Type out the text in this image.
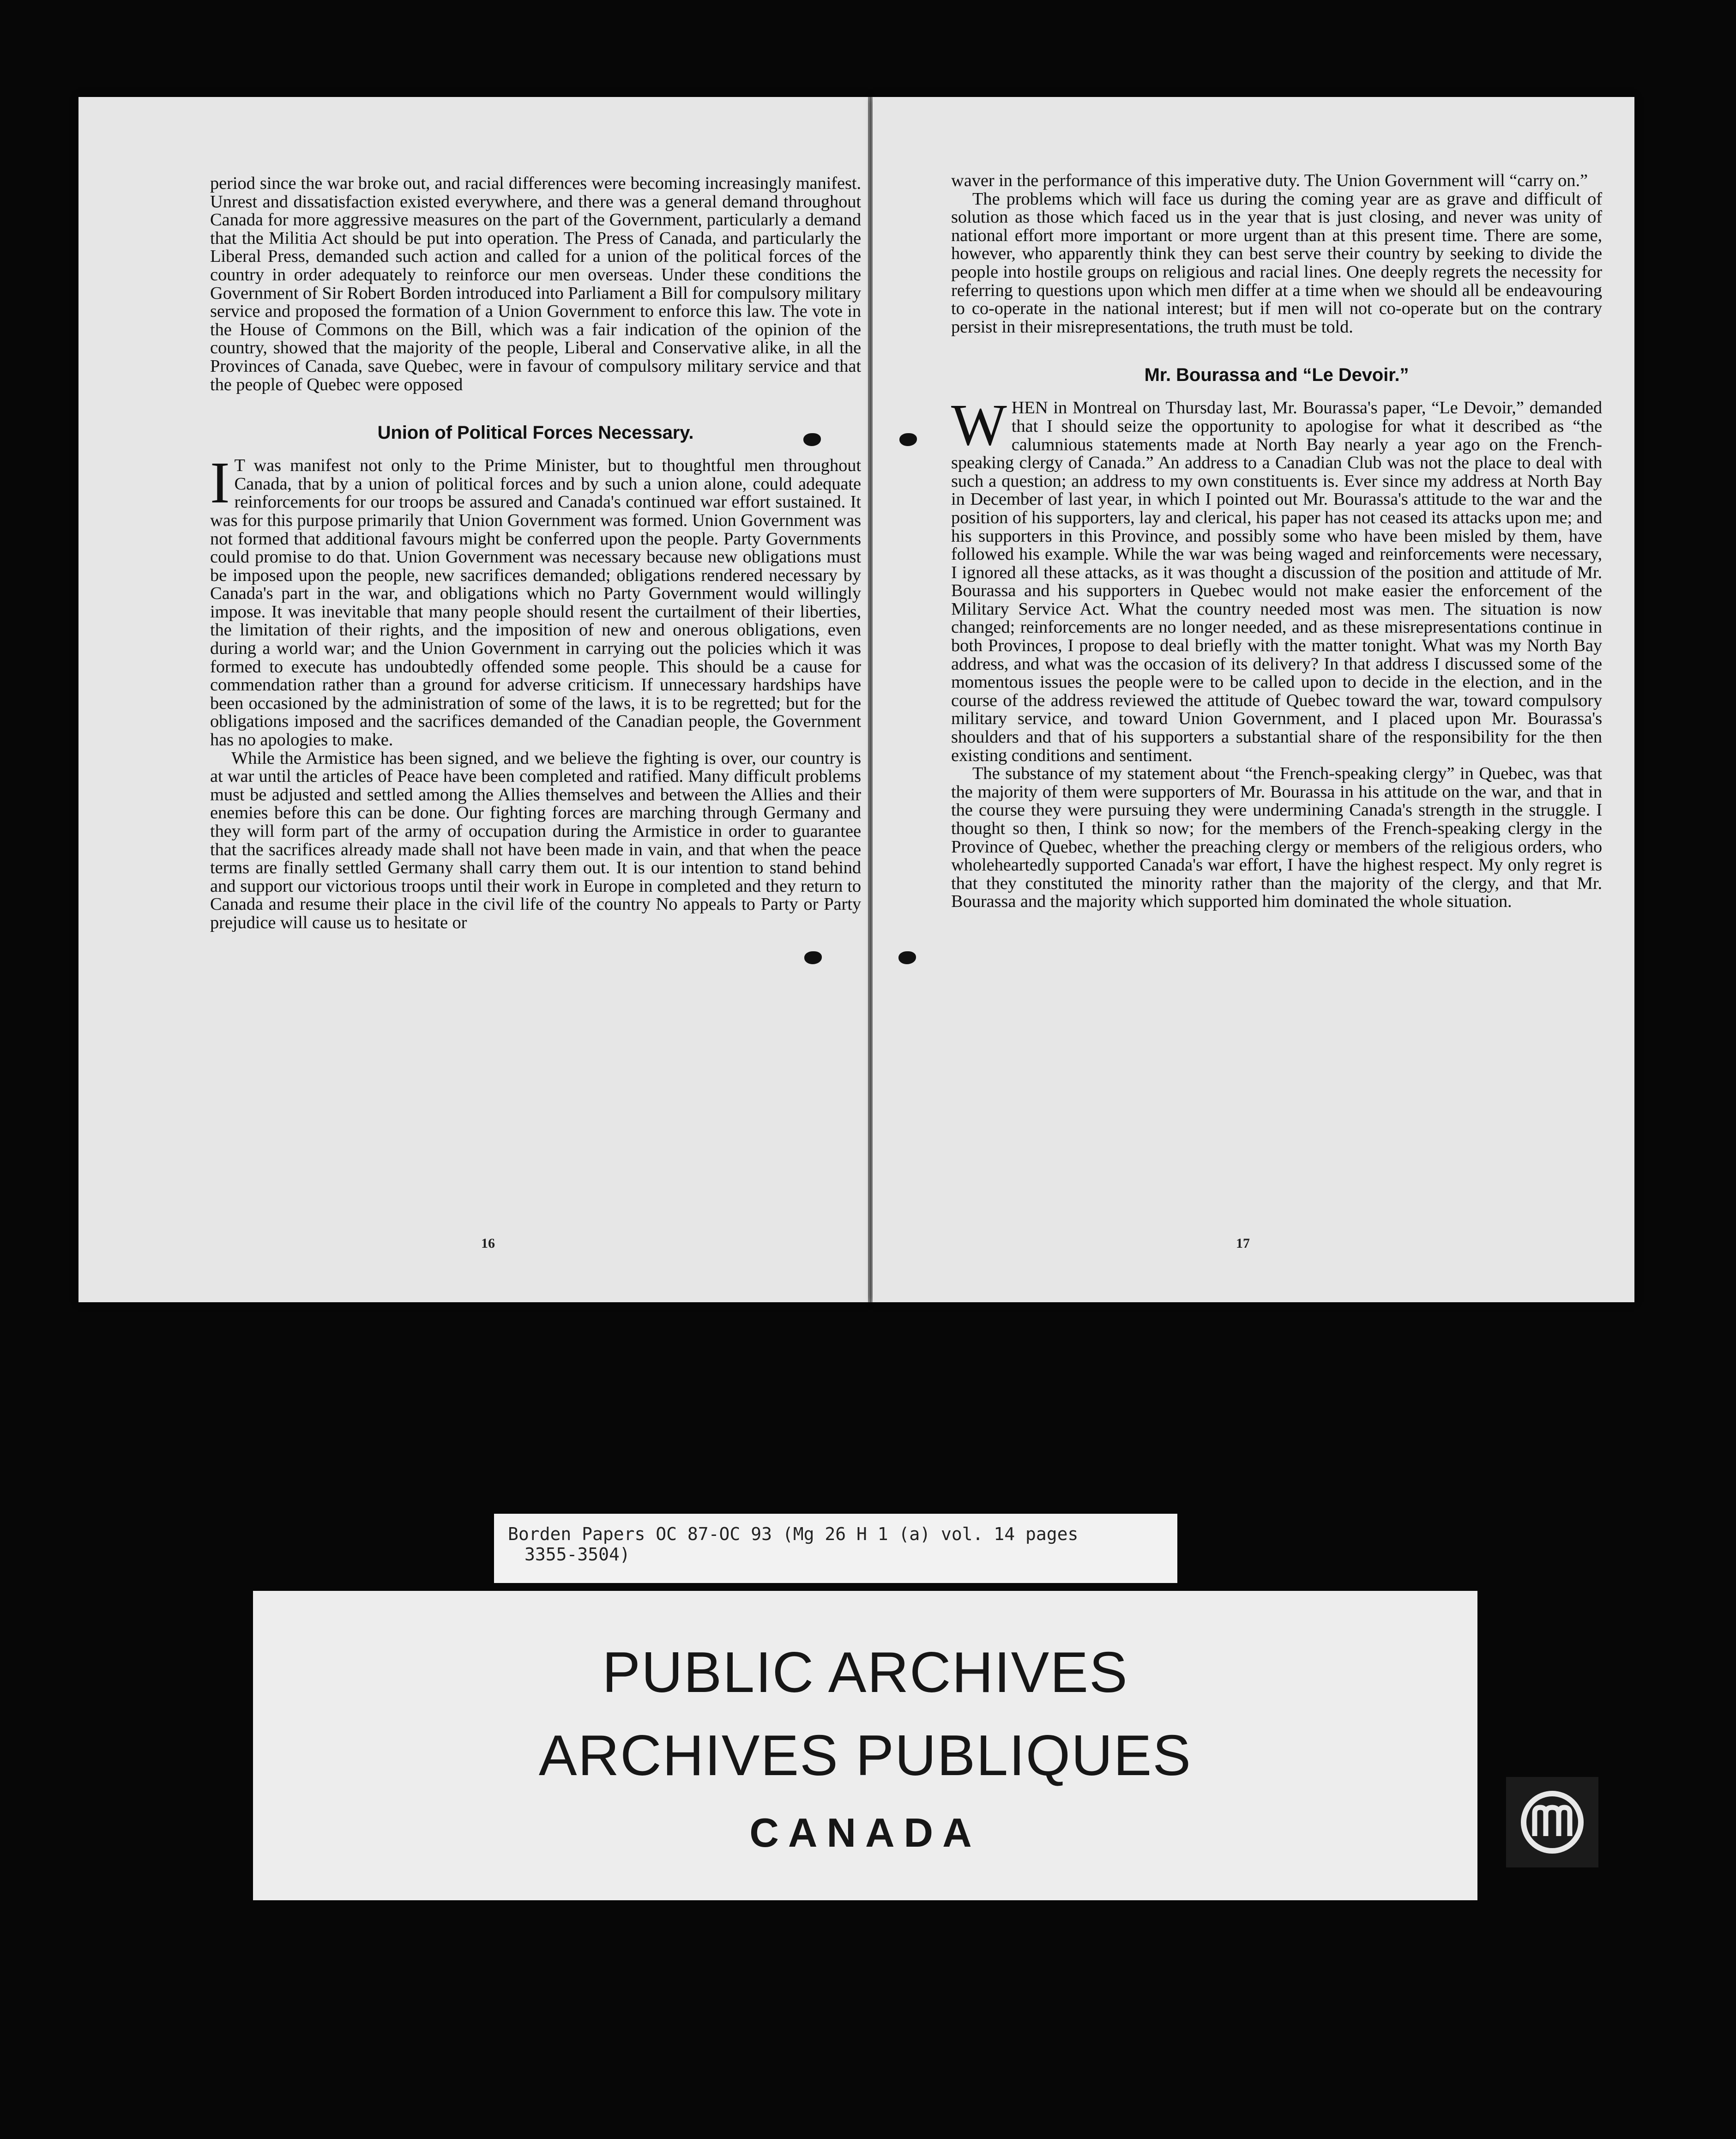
period since the war broke out, and racial differences were becoming increasingly manifest. Unrest and dissatisfaction existed everywhere, and there was a general demand throughout Canada for more aggressive measures on the part of the Government, particularly a demand that the Militia Act should be put into operation. The Press of Canada, and particularly the Liberal Press, demanded such action and called for a union of the political forces of the country in order adequately to reinforce our men overseas. Under these conditions the Government of Sir Robert Borden introduced into Parliament a Bill for compulsory military service and proposed the formation of a Union Government to enforce this law. The vote in the House of Commons on the Bill, which was a fair indication of the opinion of the country, showed that the majority of the people, Liberal and Conservative alike, in all the Provinces of Canada, save Quebec, were in favour of compulsory military service and that the people of Quebec were opposed

Union of Political Forces Necessary.

I T was manifest not only to the Prime Minister, but to thoughtful men throughout Canada, that by a union of political forces and by such a union alone, could adequate reinforcements for our troops be assured and Canada's continued war effort sustained. It was for this purpose primarily that Union Government was formed. Union Government was not formed that additional favours might be conferred upon the people. Party Governments could promise to do that. Union Government was necessary because new obligations must be imposed upon the people, new sacrifices demanded; obligations rendered necessary by Canada's part in the war, and obligations which no Party Government would willingly impose. It was inevitable that many people should resent the curtailment of their liberties, the limitation of their rights, and the imposition of new and onerous obligations, even during a world war; and the Union Government in carrying out the policies which it was formed to execute has undoubtedly offended some people. This should be a cause for commendation rather than a ground for adverse criticism. If unnecessary hardships have been occasioned by the administration of some of the laws, it is to be regretted; but for the obligations imposed and the sacrifices demanded of the Canadian people, the Government has no apologies to make.

While the Armistice has been signed, and we believe the fighting is over, our country is at war until the articles of Peace have been completed and ratified. Many difficult problems must be adjusted and settled among the Allies themselves and between the Allies and their enemies before this can be done. Our fighting forces are marching through Germany and they will form part of the army of occupation during the Armistice in order to guarantee that the sacrifices already made shall not have been made in vain, and that when the peace terms are finally settled Germany shall carry them out. It is our intention to stand behind and support our victorious troops until their work in Europe in completed and they return to Canada and resume their place in the civil life of the country No appeals to Party or Party prejudice will cause us to hesitate or

16

waver in the performance of this imperative duty. The Union Government will “carry on.”

The problems which will face us during the coming year are as grave and difficult of solution as those which faced us in the year that is just closing, and never was unity of national effort more important or more urgent than at this present time. There are some, however, who apparently think they can best serve their country by seeking to divide the people into hostile groups on religious and racial lines. One deeply regrets the necessity for referring to questions upon which men differ at a time when we should all be endeavouring to co-operate in the national interest; but if men will not co-operate but on the contrary persist in their misrepresentations, the truth must be told.

Mr. Bourassa and “Le Devoir.”

WHEN in Montreal on Thursday last, Mr. Bourassa's paper, “Le Devoir,” demanded that I should seize the opportunity to apologise for what it described as “the calumnious statements made at North Bay nearly a year ago on the French-speaking clergy of Canada.” An address to a Canadian Club was not the place to deal with such a question; an address to my own constituents is. Ever since my address at North Bay in December of last year, in which I pointed out Mr. Bourassa's attitude to the war and the position of his supporters, lay and clerical, his paper has not ceased its attacks upon me; and his supporters in this Province, and possibly some who have been misled by them, have followed his example. While the war was being waged and reinforcements were necessary, I ignored all these attacks, as it was thought a discussion of the position and attitude of Mr. Bourassa and his supporters in Quebec would not make easier the enforcement of the Military Service Act. What the country needed most was men. The situation is now changed; reinforcements are no longer needed, and as these misrepresentations continue in both Provinces, I propose to deal briefly with the matter tonight. What was my North Bay address, and what was the occasion of its delivery? In that address I discussed some of the momentous issues the people were to be called upon to decide in the election, and in the course of the address reviewed the attitude of Quebec toward the war, toward compulsory military service, and toward Union Government, and I placed upon Mr. Bourassa's shoulders and that of his supporters a substantial share of the responsibility for the then existing conditions and sentiment.

The substance of my statement about “the French-speaking clergy” in Quebec, was that the majority of them were supporters of Mr. Bourassa in his attitude on the war, and that in the course they were pursuing they were undermining Canada's strength in the struggle. I thought so then, I think so now; for the members of the French-speaking clergy in the Province of Quebec, whether the preaching clergy or members of the religious orders, who wholeheartedly supported Canada's war effort, I have the highest respect. My only regret is that they constituted the minority rather than the majority of the clergy, and that Mr. Bourassa and the majority which supported him dominated the whole situation.

17
Borden Papers OC 87-OC 93 (Mg 26 H 1 (a) vol. 14 pages
3355-3504)
PUBLIC ARCHIVES
ARCHIVES PUBLIQUES
CANADA
